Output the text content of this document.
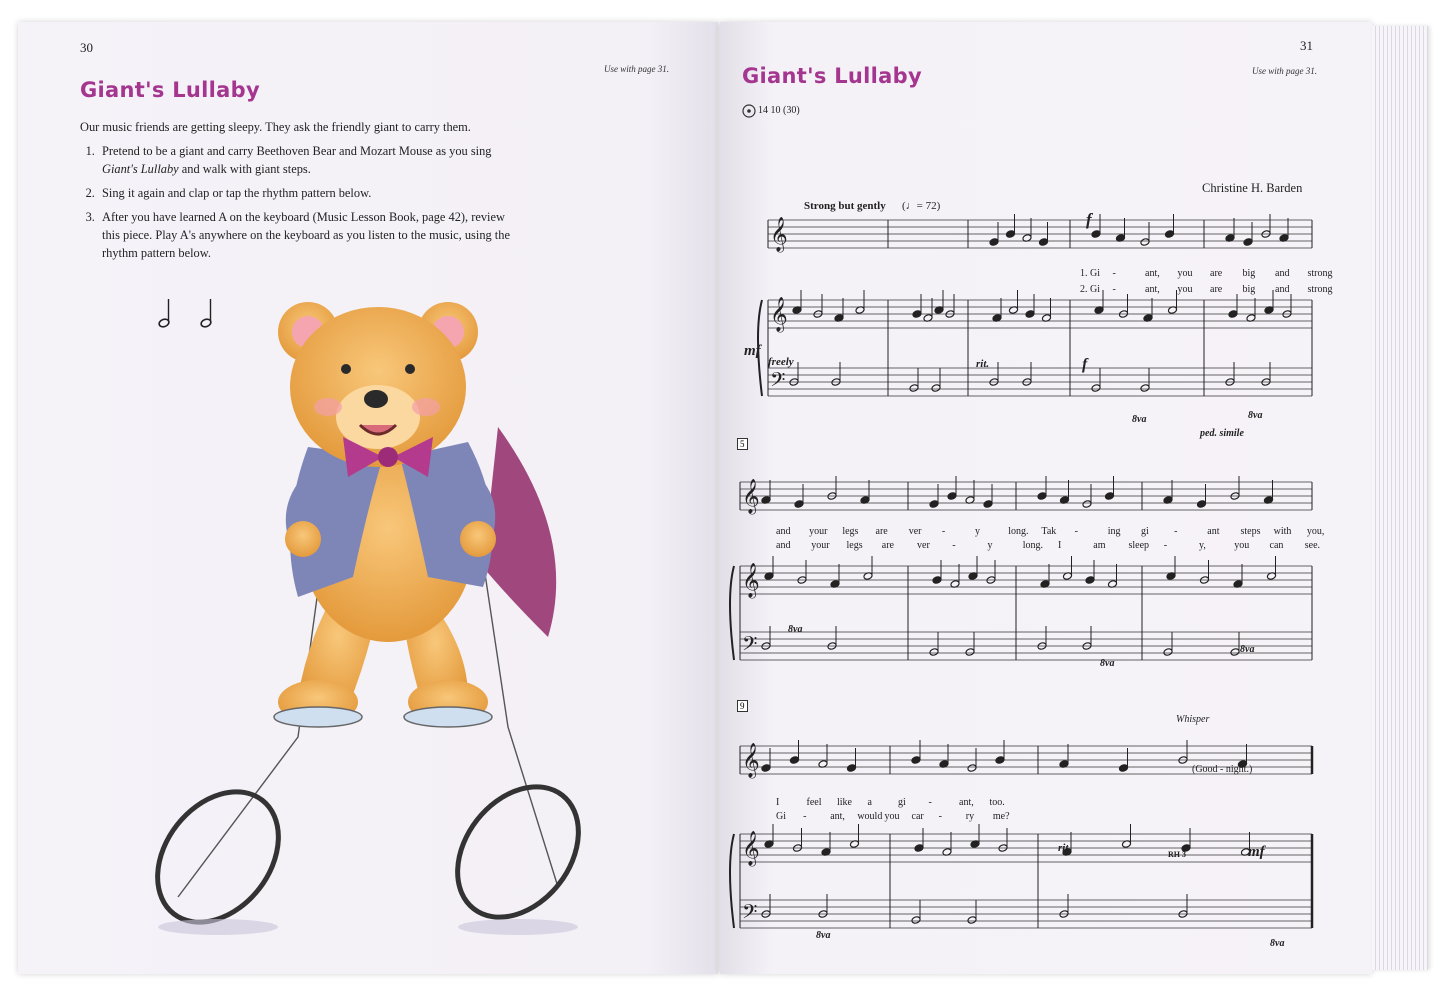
30
Use with page 31.
Giant's Lullaby
Our music friends are getting sleepy. They ask the friendly giant to carry them.
1. Pretend to be a giant and carry Beethoven Bear and Mozart Mouse as you sing Giant's Lullaby and walk with giant steps.
2. Sing it again and clap or tap the rhythm pattern below.
3. After you have learned A on the keyboard (Music Lesson Book, page 42), review this piece. Play A's anywhere on the keyboard as you listen to the music, using the rhythm pattern below.
31
Use with page 31.
Giant's Lullaby
14 10 (30)
Christine H. Barden
Strong but gently (♩= 72)
𝄞
𝄞
𝄢
𝄞
𝄞
𝄢
𝄞
𝄞
𝄢
f
mf
freely	rit.	f
8va	8va
ped. simile
1. Gi -	ant, you are big and strong
2. Gi -	ant, you are big and strong
5
8va
8va
8va
and your legs are ver -	y	long. Tak -	ing gi	-	ant steps with you,
and your legs are ver -	y	long. I	am sleep -	y,	you can see.
9
Whisper
(Good - night.)
rit.	mf
RH 3
8va
8va
I	feel like a	gi -	ant, too.
Gi - ant, would you car - ry me?
